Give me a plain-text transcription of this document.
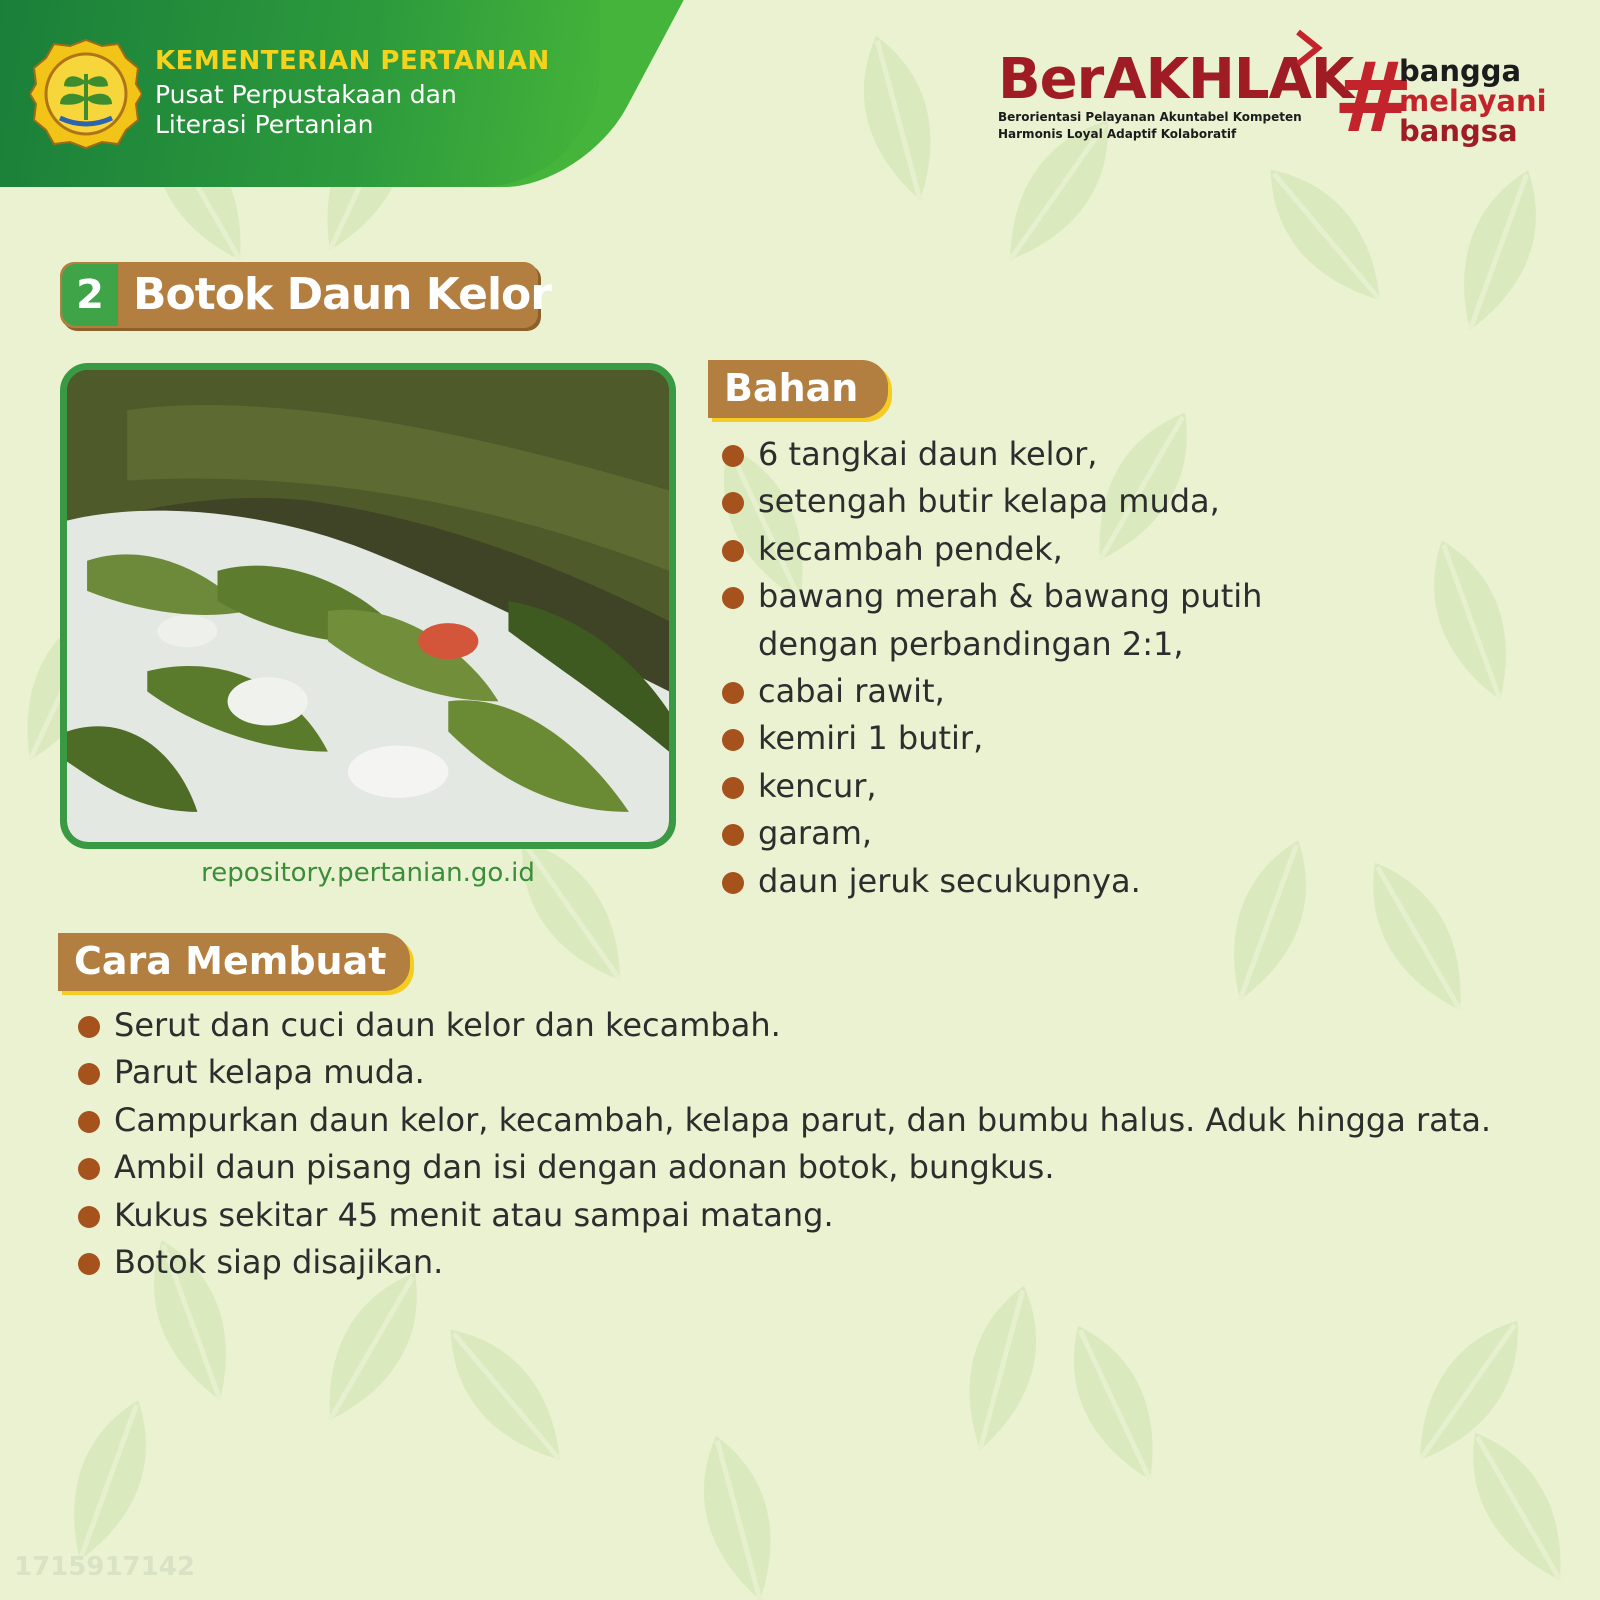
KEMENTERIAN PERTANIAN
Pusat Perpustakaan dan
Literasi Pertanian
BerAKHLAK
Berorientasi Pelayanan Akuntabel Kompeten
Harmonis Loyal Adaptif Kolaboratif	#
bangga
melayani
bangsa
2 Botok Daun Kelor
repository.pertanian.go.id
Bahan
6 tangkai daun kelor,
setengah butir kelapa muda,
kecambah pendek,
bawang merah & bawang putih
dengan perbandingan 2:1,
cabai rawit,
kemiri 1 butir,
kencur,
garam,
daun jeruk secukupnya.
Cara Membuat
Serut dan cuci daun kelor dan kecambah.
Parut kelapa muda.
Campurkan daun kelor, kecambah, kelapa parut, dan bumbu halus. Aduk hingga rata.
Ambil daun pisang dan isi dengan adonan botok, bungkus.
Kukus sekitar 45 menit atau sampai matang.
Botok siap disajikan.
1715917142
